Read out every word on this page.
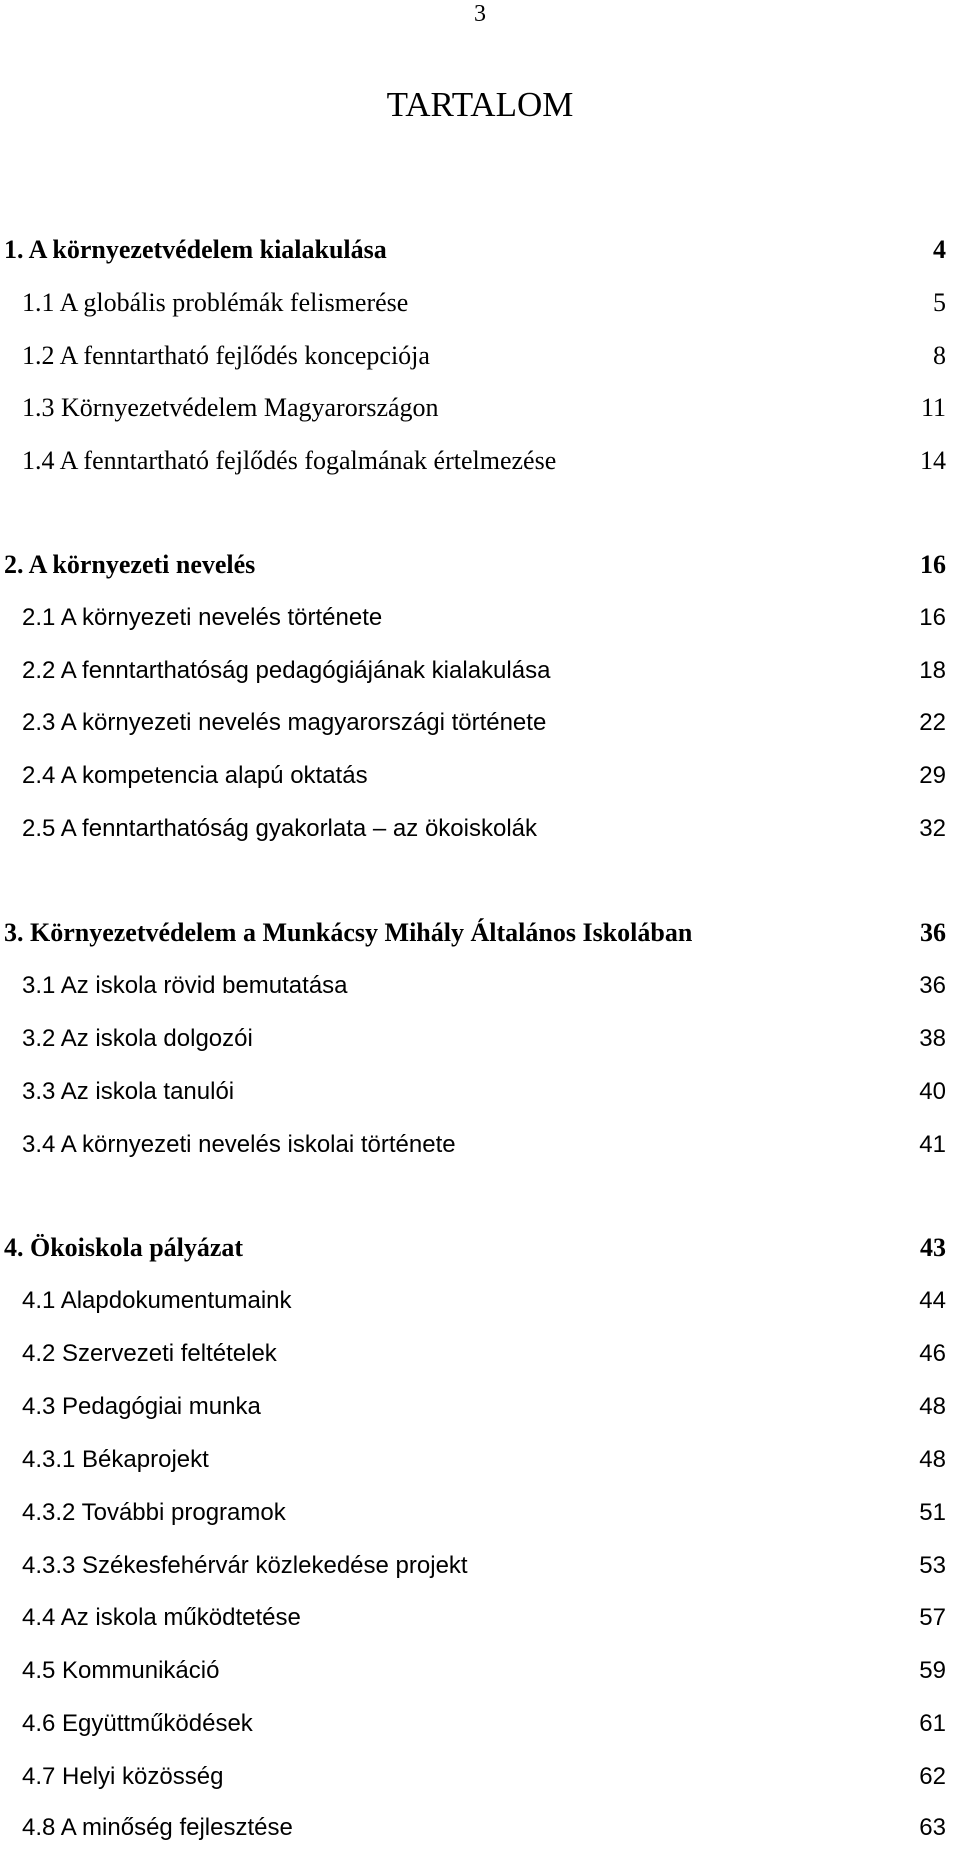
3
TARTALOM
1. A környezetvédelem kialakulása	4
1.1 A globális problémák felismerése	5
1.2 A fenntartható fejlődés koncepciója	8
1.3 Környezetvédelem Magyarországon	11
1.4 A fenntartható fejlődés fogalmának értelmezése	14
2. A környezeti nevelés	16
2.1 A környezeti nevelés története	16
2.2 A fenntarthatóság pedagógiájának kialakulása	18
2.3 A környezeti nevelés magyarországi története	22
2.4 A kompetencia alapú oktatás	29
2.5 A fenntarthatóság gyakorlata – az ökoiskolák	32
3. Környezetvédelem a Munkácsy Mihály Általános Iskolában	36
3.1 Az iskola rövid bemutatása	36
3.2 Az iskola dolgozói	38
3.3 Az iskola tanulói	40
3.4 A környezeti nevelés iskolai története	41
4. Ökoiskola pályázat	43
4.1 Alapdokumentumaink	44
4.2 Szervezeti feltételek	46
4.3 Pedagógiai munka	48
4.3.1 Békaprojekt	48
4.3.2 További programok	51
4.3.3 Székesfehérvár közlekedése projekt	53
4.4 Az iskola működtetése	57
4.5 Kommunikáció	59
4.6 Együttműködések	61
4.7 Helyi közösség	62
4.8 A minőség fejlesztése	63
